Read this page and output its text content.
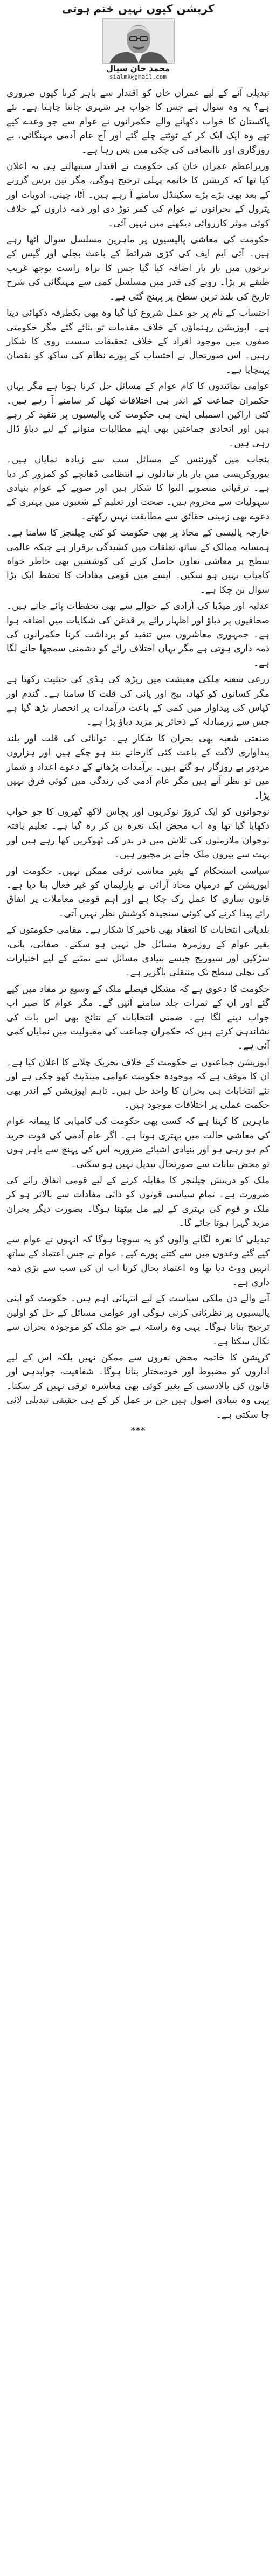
کرپشن کیوں نہیں ختم ہوتی
محمد خان سیال
sialmk@gmail.com

تبدیلی آنے کے لیے عمران خان کو اقتدار سے باہر کرنا کیوں ضروری ہے؟ یہ وہ سوال ہے جس کا جواب ہر شہری جاننا چاہتا ہے۔ نئے پاکستان کا خواب دکھانے والے حکمرانوں نے عوام سے جو وعدے کیے تھے وہ ایک ایک کر کے ٹوٹتے چلے گئے اور آج عام آدمی مہنگائی، بے روزگاری اور ناانصافی کی چکی میں پس رہا ہے۔

وزیراعظم عمران خان کی حکومت نے اقتدار سنبھالتے ہی یہ اعلان کیا تھا کہ کرپشن کا خاتمہ پہلی ترجیح ہوگی، مگر تین برس گزرنے کے بعد بھی بڑے بڑے سکینڈل سامنے آ رہے ہیں۔ آٹا، چینی، ادویات اور پٹرول کے بحرانوں نے عوام کی کمر توڑ دی اور ذمہ داروں کے خلاف کوئی موثر کارروائی دیکھنے میں نہیں آئی۔

حکومت کی معاشی پالیسیوں پر ماہرین مسلسل سوال اٹھا رہے ہیں۔ آئی ایم ایف کی کڑی شرائط کے باعث بجلی اور گیس کے نرخوں میں بار بار اضافہ کیا گیا جس کا براہ راست بوجھ غریب طبقے پر پڑا۔ روپے کی قدر میں مسلسل کمی سے مہنگائی کی شرح تاریخ کی بلند ترین سطح پر پہنچ گئی ہے۔

احتساب کے نام پر جو عمل شروع کیا گیا وہ بھی یکطرفہ دکھائی دیتا ہے۔ اپوزیشن رہنماؤں کے خلاف مقدمات تو بنائے گئے مگر حکومتی صفوں میں موجود افراد کے خلاف تحقیقات سست روی کا شکار رہیں۔ اس صورتحال نے احتساب کے پورے نظام کی ساکھ کو نقصان پہنچایا ہے۔

عوامی نمائندوں کا کام عوام کے مسائل حل کرنا ہوتا ہے مگر یہاں حکمران جماعت کے اندر ہی اختلافات کھل کر سامنے آ رہے ہیں۔ کئی اراکین اسمبلی اپنی ہی حکومت کی پالیسیوں پر تنقید کر رہے ہیں اور اتحادی جماعتیں بھی اپنے مطالبات منوانے کے لیے دباؤ ڈال رہی ہیں۔

پنجاب میں گورننس کے مسائل سب سے زیادہ نمایاں ہیں۔ بیوروکریسی میں بار بار تبادلوں نے انتظامی ڈھانچے کو کمزور کر دیا ہے۔ ترقیاتی منصوبے التوا کا شکار ہیں اور صوبے کے عوام بنیادی سہولیات سے محروم ہیں۔ صحت اور تعلیم کے شعبوں میں بہتری کے دعوے بھی زمینی حقائق سے مطابقت نہیں رکھتے۔

خارجہ پالیسی کے محاذ پر بھی حکومت کو کئی چیلنجز کا سامنا ہے۔ ہمسایہ ممالک کے ساتھ تعلقات میں کشیدگی برقرار ہے جبکہ عالمی سطح پر معاشی تعاون حاصل کرنے کی کوششیں بھی خاطر خواہ کامیاب نہیں ہو سکیں۔ ایسے میں قومی مفادات کا تحفظ ایک بڑا سوال بن چکا ہے۔

عدلیہ اور میڈیا کی آزادی کے حوالے سے بھی تحفظات پائے جاتے ہیں۔ صحافیوں پر دباؤ اور اظہار رائے پر قدغن کی شکایات میں اضافہ ہوا ہے۔ جمہوری معاشروں میں تنقید کو برداشت کرنا حکمرانوں کی ذمہ داری ہوتی ہے مگر یہاں اختلاف رائے کو دشمنی سمجھا جانے لگا ہے۔

زرعی شعبہ ملکی معیشت میں ریڑھ کی ہڈی کی حیثیت رکھتا ہے مگر کسانوں کو کھاد، بیج اور پانی کی قلت کا سامنا ہے۔ گندم اور کپاس کی پیداوار میں کمی کے باعث درآمدات پر انحصار بڑھ گیا ہے جس سے زرمبادلہ کے ذخائر پر مزید دباؤ پڑا ہے۔

صنعتی شعبہ بھی بحران کا شکار ہے۔ توانائی کی قلت اور بلند پیداواری لاگت کے باعث کئی کارخانے بند ہو چکے ہیں اور ہزاروں مزدور بے روزگار ہو گئے ہیں۔ برآمدات بڑھانے کے دعوے اعداد و شمار میں تو نظر آتے ہیں مگر عام آدمی کی زندگی میں کوئی فرق نہیں پڑا۔

نوجوانوں کو ایک کروڑ نوکریوں اور پچاس لاکھ گھروں کا جو خواب دکھایا گیا تھا وہ اب محض ایک نعرہ بن کر رہ گیا ہے۔ تعلیم یافتہ نوجوان ملازمتوں کی تلاش میں در بدر کی ٹھوکریں کھا رہے ہیں اور بہت سے بیرون ملک جانے پر مجبور ہیں۔

سیاسی استحکام کے بغیر معاشی ترقی ممکن نہیں۔ حکومت اور اپوزیشن کے درمیان محاذ آرائی نے پارلیمان کو غیر فعال بنا دیا ہے۔ قانون سازی کا عمل رک چکا ہے اور اہم قومی معاملات پر اتفاق رائے پیدا کرنے کی کوئی سنجیدہ کوشش نظر نہیں آتی۔

بلدیاتی انتخابات کا انعقاد بھی تاخیر کا شکار ہے۔ مقامی حکومتوں کے بغیر عوام کے روزمرہ مسائل حل نہیں ہو سکتے۔ صفائی، پانی، سڑکیں اور سیوریج جیسے بنیادی مسائل سے نمٹنے کے لیے اختیارات کی نچلی سطح تک منتقلی ناگزیر ہے۔

حکومت کا دعویٰ ہے کہ مشکل فیصلے ملک کے وسیع تر مفاد میں کیے گئے اور ان کے ثمرات جلد سامنے آئیں گے۔ مگر عوام کا صبر اب جواب دینے لگا ہے۔ ضمنی انتخابات کے نتائج بھی اس بات کی نشاندہی کرتے ہیں کہ حکمران جماعت کی مقبولیت میں نمایاں کمی آئی ہے۔

اپوزیشن جماعتوں نے حکومت کے خلاف تحریک چلانے کا اعلان کیا ہے۔ ان کا موقف ہے کہ موجودہ حکومت عوامی مینڈیٹ کھو چکی ہے اور نئے انتخابات ہی بحران کا واحد حل ہیں۔ تاہم اپوزیشن کے اندر بھی حکمت عملی پر اختلافات موجود ہیں۔

ماہرین کا کہنا ہے کہ کسی بھی حکومت کی کامیابی کا پیمانہ عوام کی معاشی حالت میں بہتری ہوتا ہے۔ اگر عام آدمی کی قوت خرید کم ہو رہی ہو اور بنیادی اشیائے ضروریہ اس کی پہنچ سے باہر ہوں تو محض بیانات سے صورتحال تبدیل نہیں ہو سکتی۔

ملک کو درپیش چیلنجز کا مقابلہ کرنے کے لیے قومی اتفاق رائے کی ضرورت ہے۔ تمام سیاسی قوتوں کو ذاتی مفادات سے بالاتر ہو کر ملک و قوم کی بہتری کے لیے مل بیٹھنا ہوگا۔ بصورت دیگر بحران مزید گہرا ہوتا جائے گا۔

تبدیلی کا نعرہ لگانے والوں کو یہ سوچنا ہوگا کہ انہوں نے عوام سے کیے گئے وعدوں میں سے کتنے پورے کیے۔ عوام نے جس اعتماد کے ساتھ انہیں ووٹ دیا تھا وہ اعتماد بحال کرنا اب ان کی سب سے بڑی ذمہ داری ہے۔

آنے والے دن ملکی سیاست کے لیے انتہائی اہم ہیں۔ حکومت کو اپنی پالیسیوں پر نظرثانی کرنی ہوگی اور عوامی مسائل کے حل کو اولین ترجیح بنانا ہوگا۔ یہی وہ راستہ ہے جو ملک کو موجودہ بحران سے نکال سکتا ہے۔

کرپشن کا خاتمہ محض نعروں سے ممکن نہیں بلکہ اس کے لیے اداروں کو مضبوط اور خودمختار بنانا ہوگا۔ شفافیت، جوابدہی اور قانون کی بالادستی کے بغیر کوئی بھی معاشرہ ترقی نہیں کر سکتا۔ یہی وہ بنیادی اصول ہیں جن پر عمل کر کے ہی حقیقی تبدیلی لائی جا سکتی ہے۔

***
